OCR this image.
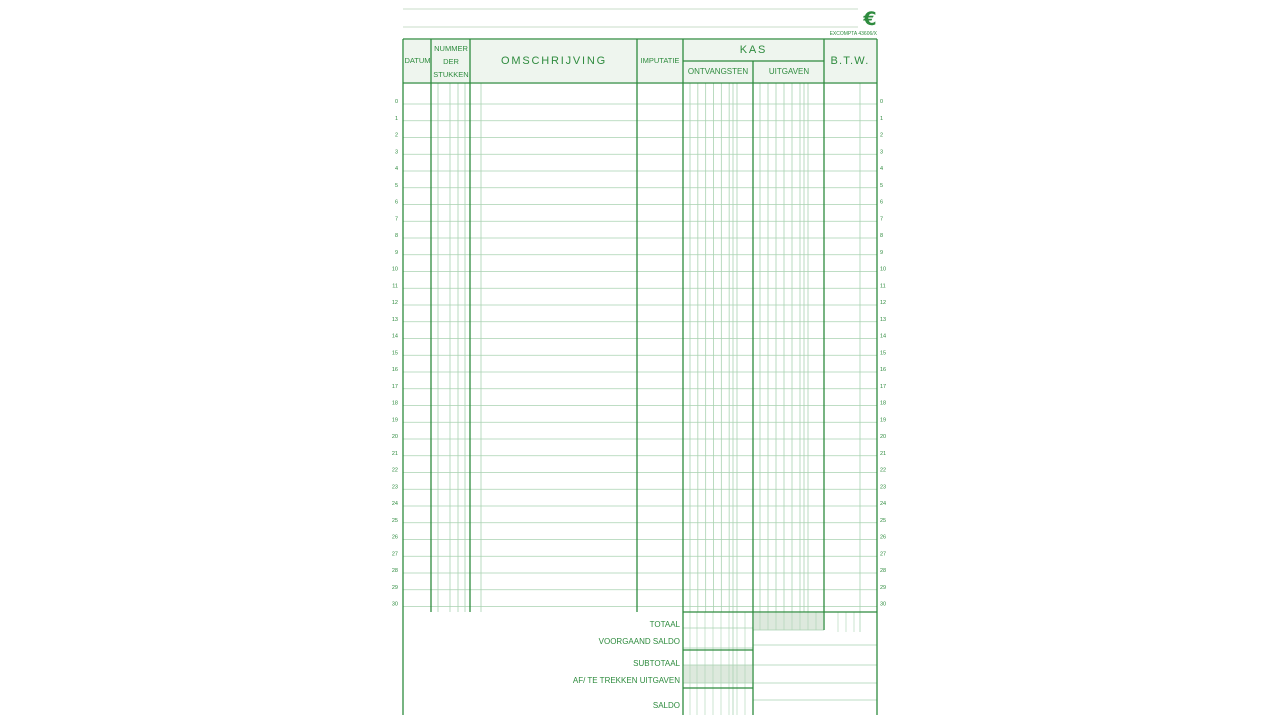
€
EXCOMPTA 43606/X
DATUM
NUMMER
DER
STUKKEN
OMSCHRIJVING	IMPUTATIE
KAS
ONTVANGSTEN	UITGAVEN
B.T.W.
0
1
2
3
4
5
6
7
8
9
10
11
12
13
14
15
16
17
18
19
20
21
22
23
24
25
26
27
28
29
30
0
1
2
3
4
5
6
7
8
9
10
11
12
13
14
15
16
17
18
19
20
21
22
23
24
25
26
27
28
29
30
TOTAAL
VOORGAAND SALDO
SUBTOTAAL
AF/ TE TREKKEN UITGAVEN
SALDO
